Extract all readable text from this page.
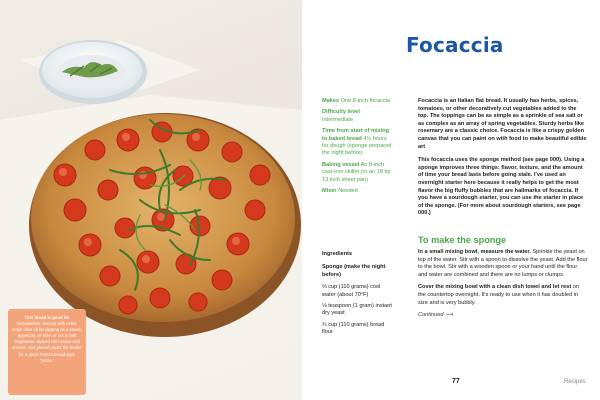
This bread is good for Sandwiches; serving with extra-virgin olive oil for dipping as a snack, appetizer, or side; or cut in half lengthwise, topped with sauce and cheese, and placed under the broiler for a great French bread-style "pizza."
Focaccia
Makes One 8-inch focaccia
Difficulty level Intermediate
Time from start of mixing to baked bread 4½ hours for dough (sponge prepared the night before)
Baking vessel An 8-inch cast-iron skillet (or an 18 by 13 inch sheet pan)
Mixer Needed
Ingredients
Sponge (make the night before)
⅔ cup (110 grams) cool water (about 70°F)
⅛ teaspoon (1 gram) instant dry yeast
¾ cup (110 grams) bread flour

Focaccia is an Italian flat bread. It usually has herbs, spices, tomatoes, or other decoratively cut vegetables added to the top. The toppings can be as simple as a sprinkle of sea salt or as complex as an array of spring vegetables. Sturdy herbs like rosemary are a classic choice. Focaccia is like a crispy golden canvas that you can paint on with food to make beautiful edible art

This focaccia uses the sponge method (see page 000). Using a sponge improves three things: flavor, texture, and the amount of time your bread lasts before going stale. I've used an overnight starter here because it really helps to get the most flavor the big fluffy bubbles that are hallmarks of focaccia. If you have a sourdough starter, you can use the starter in place of the sponge. (For more about sourdough starters, see page 000.)

To make the sponge

In a small mixing bowl, measure the water. Sprinkle the yeast on top of the water. Stir with a spoon to dissolve the yeast. Add the flour to the bowl. Stir with a wooden spoon or your hand until the flour and water are combined and there are no lumps or clumps.

Cover the mixing bowl with a clean dish towel and let rest on the countertop overnight. It's ready to use when it has doubled in size and is very bubbly.

Continued ⟿
77	Recipes
